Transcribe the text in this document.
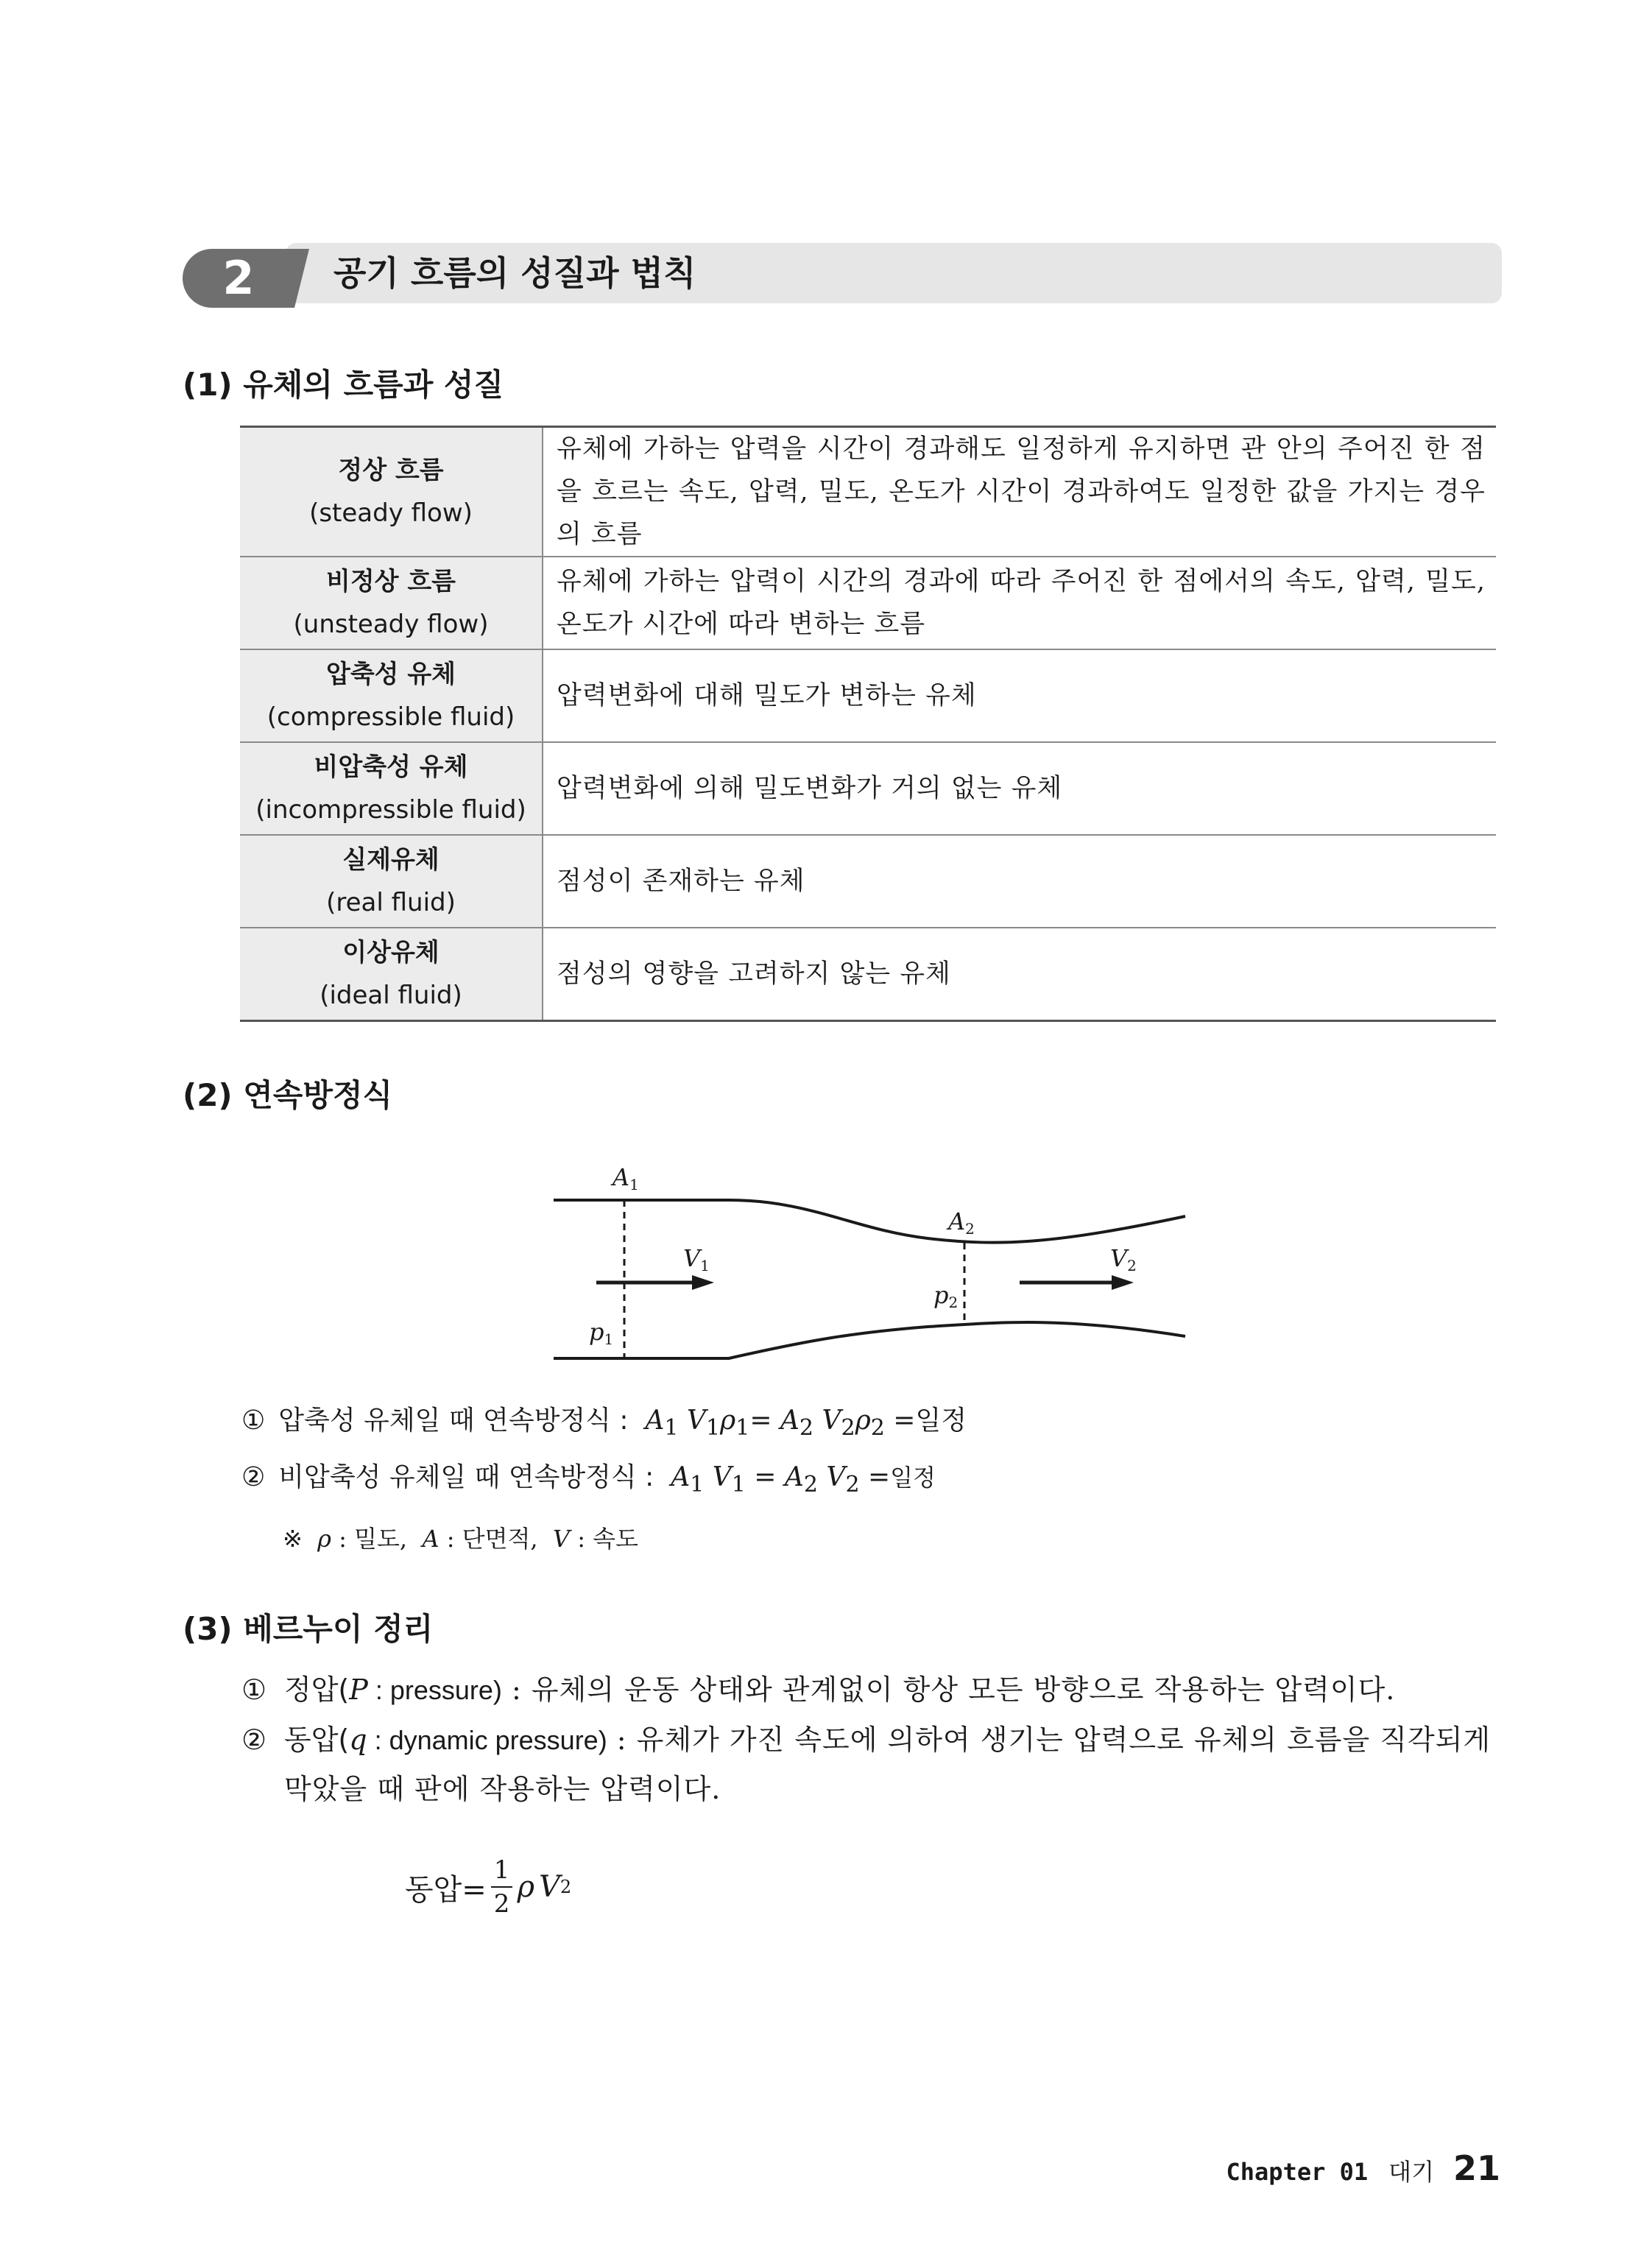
2	공기 흐름의 성질과 법칙
(1) 유체의 흐름과 성질
정상 흐름
(steady flow)	유체에 가하는 압력을 시간이 경과해도 일정하게 유지하면 관 안의 주어진 한 점을 흐르는 속도, 압력, 밀도, 온도가 시간이 경과하여도 일정한 값을 가지는 경우의 흐름

비정상 흐름
(unsteady flow)	유체에 가하는 압력이 시간의 경과에 따라 주어진 한 점에서의 속도, 압력, 밀도, 온도가 시간에 따라 변하는 흐름

압축성 유체
(compressible fluid)	압력변화에 대해 밀도가 변하는 유체

비압축성 유체
(incompressible fluid)	압력변화에 의해 밀도변화가 거의 없는 유체

실제유체
(real fluid)	점성이 존재하는 유체

이상유체
(ideal fluid)	점성의 영향을 고려하지 않는 유체
(2) 연속방정식
A1
A2
V1	V2
p1
p2
① 압축성 유체일 때 연속방정식 : $A_1$ $V_1\rho_1= A_2$ $V_2\rho_2$ =일정
② 비압축성 유체일 때 연속방정식 : $A_1$ $V_1 = A_2$ $V_2$ =일정
※ ρ : 밀도, A : 단면적, V : 속도
(3) 베르누이 정리
① 정압(P : pressure) : 유체의 운동 상태와 관계없이 항상 모든 방향으로 작용하는 압력이다.
② 동압(q : dynamic pressure) : 유체가 가진 속도에 의하여 생기는 압력으로 유체의 흐름을 직각되게 막았을 때 판에 작용하는 압력이다.
동압= $\frac{1}{2}$ ρ V 2
Chapter 01 대기 21
